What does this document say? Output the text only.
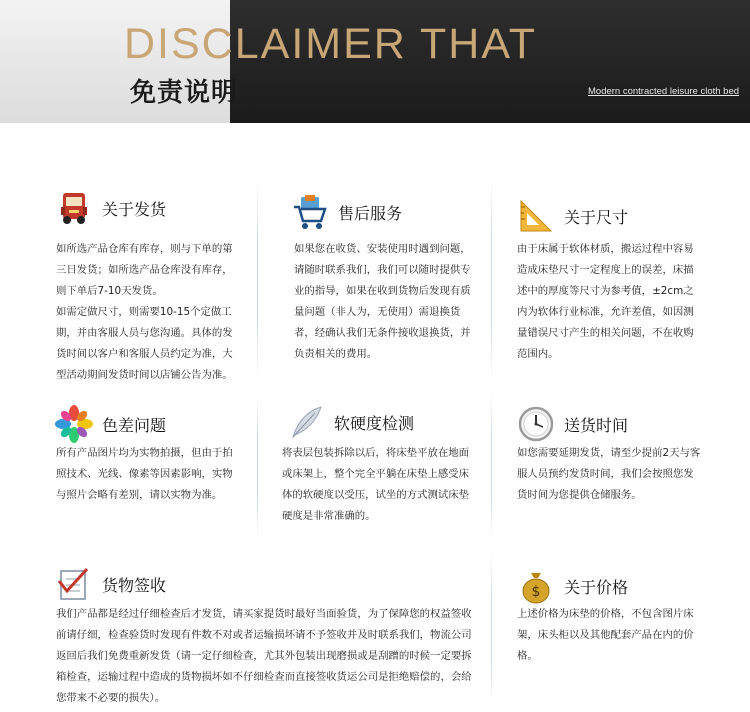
DISCLAIMER THAT
免责说明	Modern contracted leisure cloth bed
关于发货

如所选产品仓库有库存，则与下单的第三日发货；如所选产品仓库没有库存，则下单后7-10天发货。

如需定做尺寸，则需要10-15个定做工期，并由客服人员与您沟通。具体的发货时间以客户和客服人员约定为准，大型活动期间发货时间以店铺公告为准。

售后服务

如果您在收货、安装使用时遇到问题，请随时联系我们，我们可以随时提供专业的指导，如果在收到货物后发现有质量问题（非人为，无使用）需退换货者，经确认我们无条件接收退换货，并负责相关的费用。

关于尺寸

由于床属于软体材质，搬运过程中容易造成床垫尺寸一定程度上的误差，床描述中的厚度等尺寸为参考值，±2cm之内为软体行业标准，允许差值，如因测量错误尺寸产生的相关问题，不在收购范围内。

色差问题

所有产品图片均为实物拍摄，但由于拍照技术、光线、像素等因素影响，实物与照片会略有差别，请以实物为准。

软硬度检测

将表层包装拆除以后，将床垫平放在地面或床架上，整个完全平躺在床垫上感受床体的软硬度以受压，试坐的方式测试床垫硬度是非常准确的。

送货时间

如您需要延期发货，请至少提前2天与客服人员预约发货时间，我们会按照您发货时间为您提供仓储服务。

货物签收

我们产品都是经过仔细检查后才发货，请买家提货时最好当面验货，为了保障您的权益签收前请仔细，检查验货时发现有件数不对或者运输损坏请不予签收并及时联系我们，物流公司返回后我们免费重新发货（请一定仔细检查，尤其外包装出现磨损或是刮蹭的时候一定要拆箱检查，运输过程中造成的货物损坏如不仔细检查而直接签收货运公司是拒绝赔偿的，会给您带来不必要的损失）。

$ 关于价格

上述价格为床垫的价格，不包含图片床架，床头柜以及其他配套产品在内的价格。
